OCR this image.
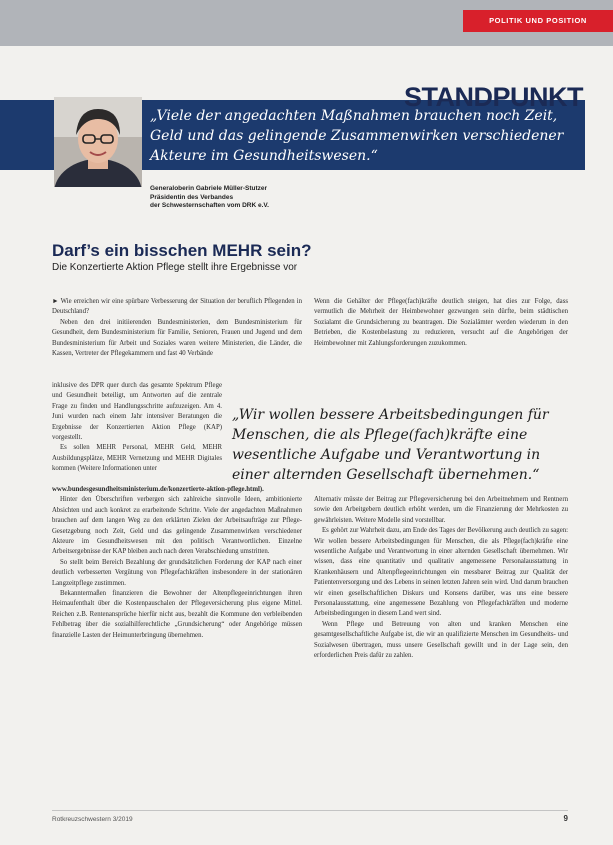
POLITIK UND POSITION
STANDPUNKT
„Viele der angedachten Maßnahmen brauchen noch Zeit, Geld und das gelingende Zusammenwirken verschiedener Akteure im Gesundheitswesen.“
Generaloberin Gabriele Müller-Stutzer
Präsidentin des Verbandes
der Schwesternschaften vom DRK e.V.
Darf’s ein bisschen MEHR sein?
Die Konzertierte Aktion Pflege stellt ihre Ergebnisse vor

► Wie erreichen wir eine spürbare Verbesserung der Situation der beruflich Pflegenden in Deutschland?

Neben den drei initiierenden Bundesministerien, dem Bundesministerium für Gesundheit, dem Bundesministerium für Familie, Senioren, Frauen und Jugend und dem Bundesministerium für Arbeit und Soziales waren weitere Ministerien, die Länder, die Kassen, Vertreter der Pflegekammern und fast 40 Verbände

inklusive des DPR quer durch das gesamte Spektrum Pflege und Gesundheit beteiligt, um Antworten auf die zentrale Frage zu finden und Handlungsschritte aufzuzeigen. Am 4. Juni wurden nach einem Jahr intensiver Beratungen die Ergebnisse der Konzertierten Aktion Pflege (KAP) vorgestellt.

Es sollen MEHR Personal, MEHR Geld, MEHR Ausbildungsplätze, MEHR Vernetzung und MEHR Digitales kommen (Weitere Informationen unter

„Wir wollen bessere Arbeitsbedingungen für Menschen, die als Pflege(fach)kräfte eine wesentliche Aufgabe und Verantwortung in einer alternden Gesellschaft übernehmen.“

www.bundesgesundheitsministerium.de/konzertierte-aktion-pflege.html).

Hinter den Überschriften verbergen sich zahlreiche sinnvolle Ideen, ambitionierte Absichten und auch konkret zu erarbeitende Schritte. Viele der angedachten Maßnahmen brauchen auf dem langen Weg zu den erklärten Zielen der Arbeitsaufträge zur Pflege-Gesetzgebung noch Zeit, Geld und das gelingende Zusammenwirken verschiedener Akteure im Gesundheitswesen mit den politisch Verantwortlichen. Einzelne Arbeitsergebnisse der KAP bleiben auch nach deren Verabschiedung umstritten.

So stellt beim Bereich Bezahlung der grundsätzlichen Forderung der KAP nach einer deutlich verbesserten Vergütung von Pflegefachkräften insbesondere in der stationären Langzeitpflege zustimmen.

Bekanntermaßen finanzieren die Bewohner der Altenpflegeeinrichtungen ihren Heimaufenthalt über die Kostenpauschalen der Pflegeversicherung plus eigene Mittel. Reichen z.B. Rentenansprüche hierfür nicht aus, bezahlt die Kommune den verbleibenden Fehlbetrag über die sozialhilferechtliche „Grundsicherung“ oder Angehörige müssen finanzielle Lasten der Heimunterbringung übernehmen.

Wenn die Gehälter der Pflege(fach)kräfte deutlich steigen, hat dies zur Folge, dass vermutlich die Mehrheit der Heimbewohner gezwungen sein dürfte, beim städtischen Sozialamt die Grundsicherung zu beantragen. Die Sozialämter werden wiederum in den Betrieben, die Kostenbelastung zu reduzieren, versucht auf die Angehörigen der Heimbewohner mit Zahlungsforderungen zuzukommen.

Alternativ müsste der Beitrag zur Pflegeversicherung bei den Arbeitnehmern und Rentnern sowie den Arbeitgebern deutlich erhöht werden, um die Finanzierung der Mehrkosten zu gewährleisten. Weitere Modelle sind vorstellbar.

Es gehört zur Wahrheit dazu, am Ende des Tages der Bevölkerung auch deutlich zu sagen: Wir wollen bessere Arbeitsbedingungen für Menschen, die als Pflege(fach)kräfte eine wesentliche Aufgabe und Verantwortung in einer alternden Gesellschaft übernehmen. Wir wissen, dass eine quantitativ und qualitativ angemessene Personalausstattung in Krankenhäusern und Altenpflegeeinrichtungen ein messbarer Beitrag zur Qualität der Patientenversorgung und des Lebens in seinen letzten Jahren sein wird. Und darum brauchen wir einen gesellschaftlichen Diskurs und Konsens darüber, was uns eine bessere Personalausstattung, eine angemessene Bezahlung von Pflegefachkräften und moderne Arbeitsbedingungen in diesem Land wert sind.

Wenn Pflege und Betreuung von alten und kranken Menschen eine gesamtgesellschaftliche Aufgabe ist, die wir an qualifizierte Menschen im Gesundheits- und Sozialwesen übertragen, muss unsere Gesellschaft gewillt und in der Lage sein, den erforderlichen Preis dafür zu zahlen.

Rotkreuzschwestern 3/2019	9
